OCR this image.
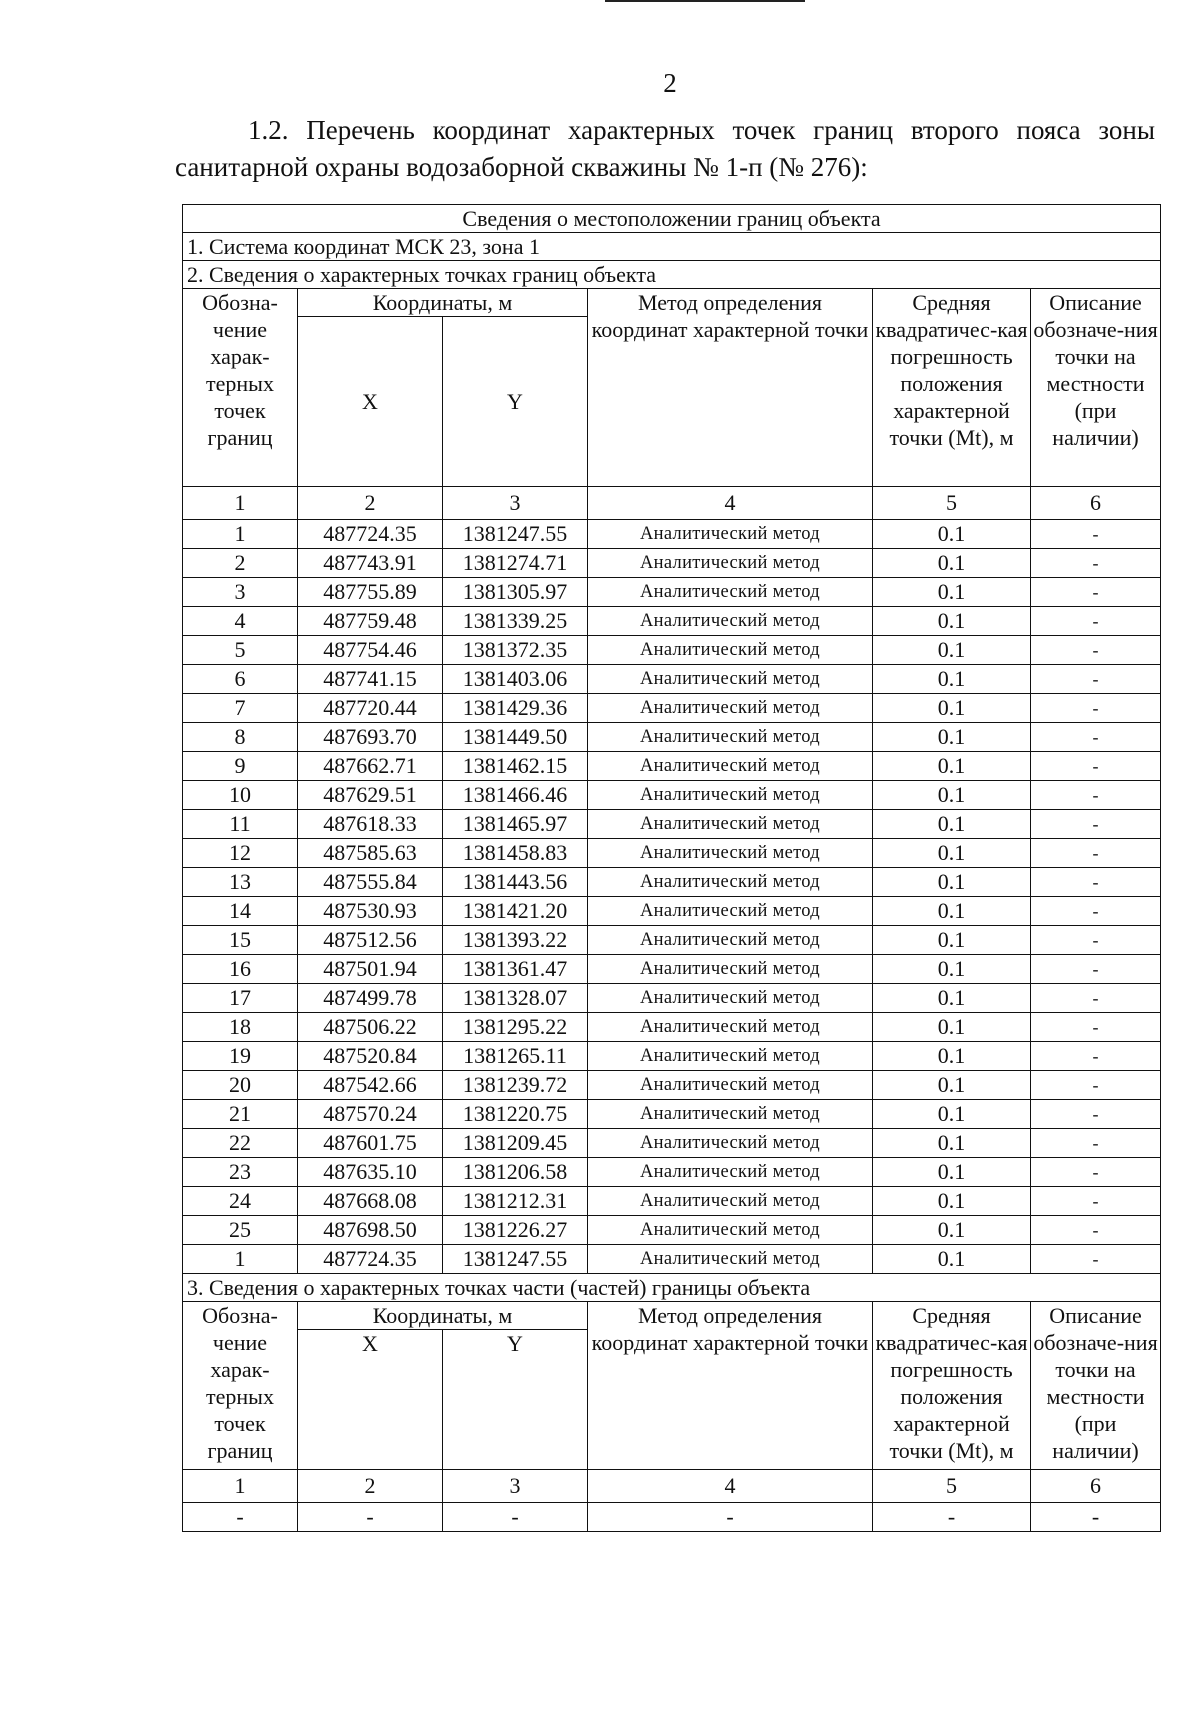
2
1.2. Перечень координат характерных точек границ второго пояса зоны
санитарной охраны водозаборной скважины № 1-п (№ 276):
Сведения о местоположении границ объекта					
1. Система координат МСК 23, зона 1					
2. Сведения о характерных точках границ объекта					
Обозна-чение харак-терных точек границ	Координаты, м		Метод определения координат характерной точки	Средняя квадратичес-кая погрешность положения характерной точки (Mt), м	Описание обозначе-ния точки на местности (при наличии)
	X	Y			
1	2	3	4	5	6
1	487724.35	1381247.55	Аналитический метод	0.1	-
2	487743.91	1381274.71	Аналитический метод	0.1	-
3	487755.89	1381305.97	Аналитический метод	0.1	-
4	487759.48	1381339.25	Аналитический метод	0.1	-
5	487754.46	1381372.35	Аналитический метод	0.1	-
6	487741.15	1381403.06	Аналитический метод	0.1	-
7	487720.44	1381429.36	Аналитический метод	0.1	-
8	487693.70	1381449.50	Аналитический метод	0.1	-
9	487662.71	1381462.15	Аналитический метод	0.1	-
10	487629.51	1381466.46	Аналитический метод	0.1	-
11	487618.33	1381465.97	Аналитический метод	0.1	-
12	487585.63	1381458.83	Аналитический метод	0.1	-
13	487555.84	1381443.56	Аналитический метод	0.1	-
14	487530.93	1381421.20	Аналитический метод	0.1	-
15	487512.56	1381393.22	Аналитический метод	0.1	-
16	487501.94	1381361.47	Аналитический метод	0.1	-
17	487499.78	1381328.07	Аналитический метод	0.1	-
18	487506.22	1381295.22	Аналитический метод	0.1	-
19	487520.84	1381265.11	Аналитический метод	0.1	-
20	487542.66	1381239.72	Аналитический метод	0.1	-
21	487570.24	1381220.75	Аналитический метод	0.1	-
22	487601.75	1381209.45	Аналитический метод	0.1	-
23	487635.10	1381206.58	Аналитический метод	0.1	-
24	487668.08	1381212.31	Аналитический метод	0.1	-
25	487698.50	1381226.27	Аналитический метод	0.1	-
1	487724.35	1381247.55	Аналитический метод	0.1	-
3. Сведения о характерных точках части (частей) границы объекта					
Обозна-чение харак-терных точек границ	Координаты, м		Метод определения координат характерной точки	Средняя квадратичес-кая погрешность положения характерной точки (Mt), м	Описание обозначе-ния точки на местности (при наличии)
	X	Y			
1	2	3	4	5	6
-	-	-	-	-	-
